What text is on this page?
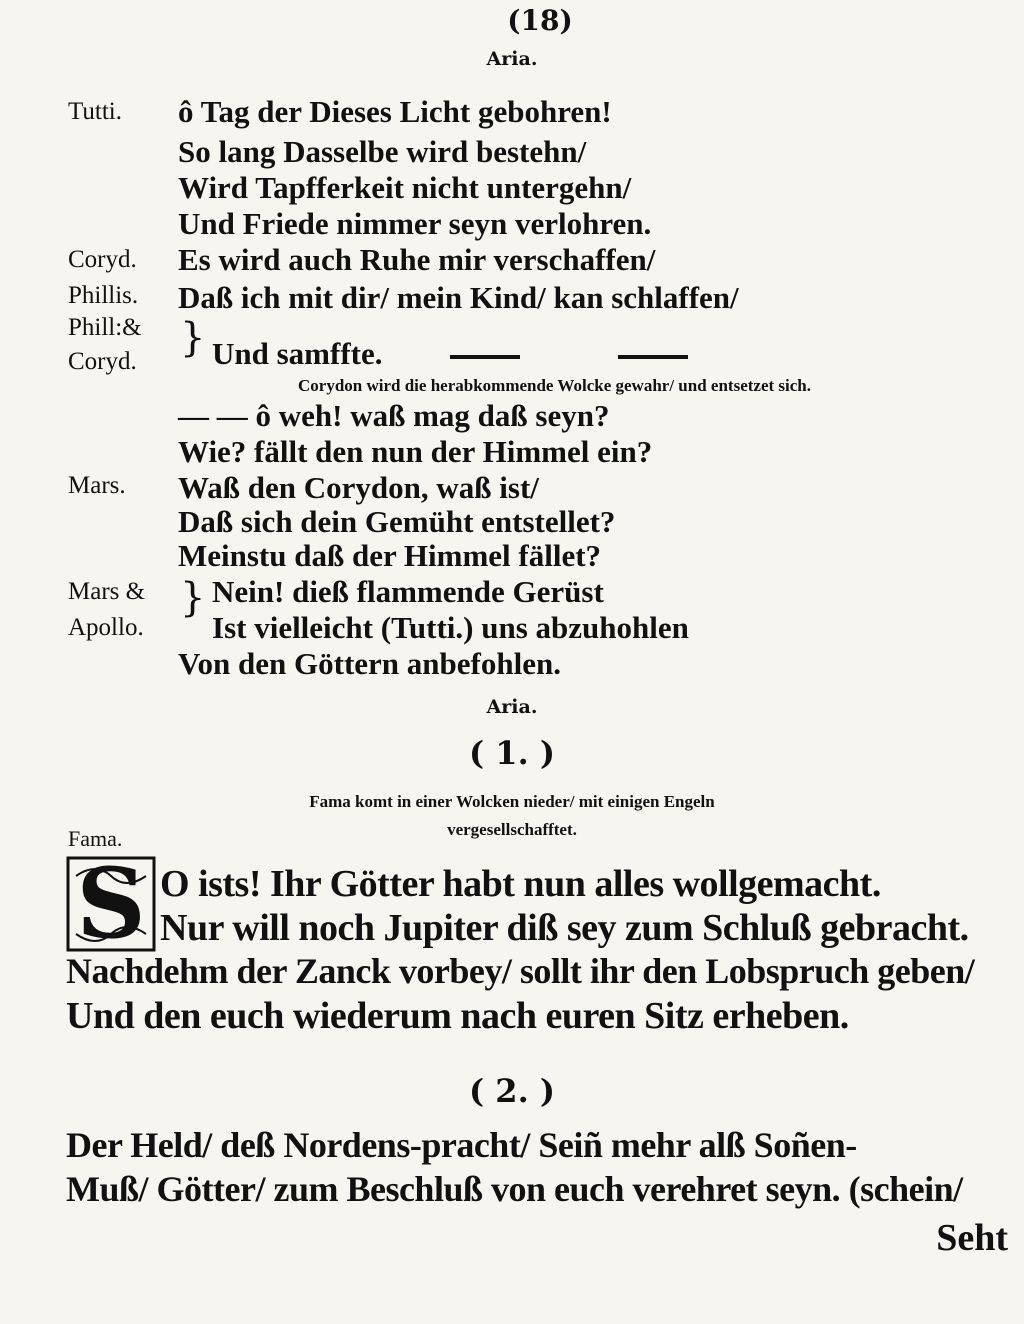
(18)
Aria.
Tutti.
Coryd.
Phillis.
Phill:&
Coryd.
Mars.
Mars &
Apollo.
Fama.
ô Tag der Dieses Licht gebohren!
So lang Dasselbe wird bestehn/
Wird Tapfferkeit nicht untergehn/
Und Friede nimmer seyn verlohren.
Es wird auch Ruhe mir verschaffen/
Daß ich mit dir/ mein Kind/ kan schlaffen/
} Und samffte.
Corydon wird die herabkommende Wolcke gewahr/ und entsetzet sich.
— — ô weh! waß mag daß seyn?
Wie? fällt den nun der Himmel ein?
Waß den Corydon, waß ist/
Daß sich dein Gemüht entstellet?
Meinstu daß der Himmel fället?
} Nein! dieß flammende Gerüst
Ist vielleicht (Tutti.) uns abzuhohlen
Von den Göttern anbefohlen.
Aria.
( 1. )
Fama komt in einer Wolcken nieder/ mit einigen Engeln
vergesellschafftet.
S O ists! Ihr Götter habt nun alles wollgemacht.
Nur will noch Jupiter diß sey zum Schluß gebracht.
Nachdehm der Zanck vorbey/ sollt ihr den Lobspruch geben/
Und den euch wiederum nach euren Sitz erheben.
( 2. )
Der Held/ deß Nordens-pracht/ Seiñ mehr alß Soñen-
Muß/ Götter/ zum Beschluß von euch verehret seyn. (schein/
Seht
